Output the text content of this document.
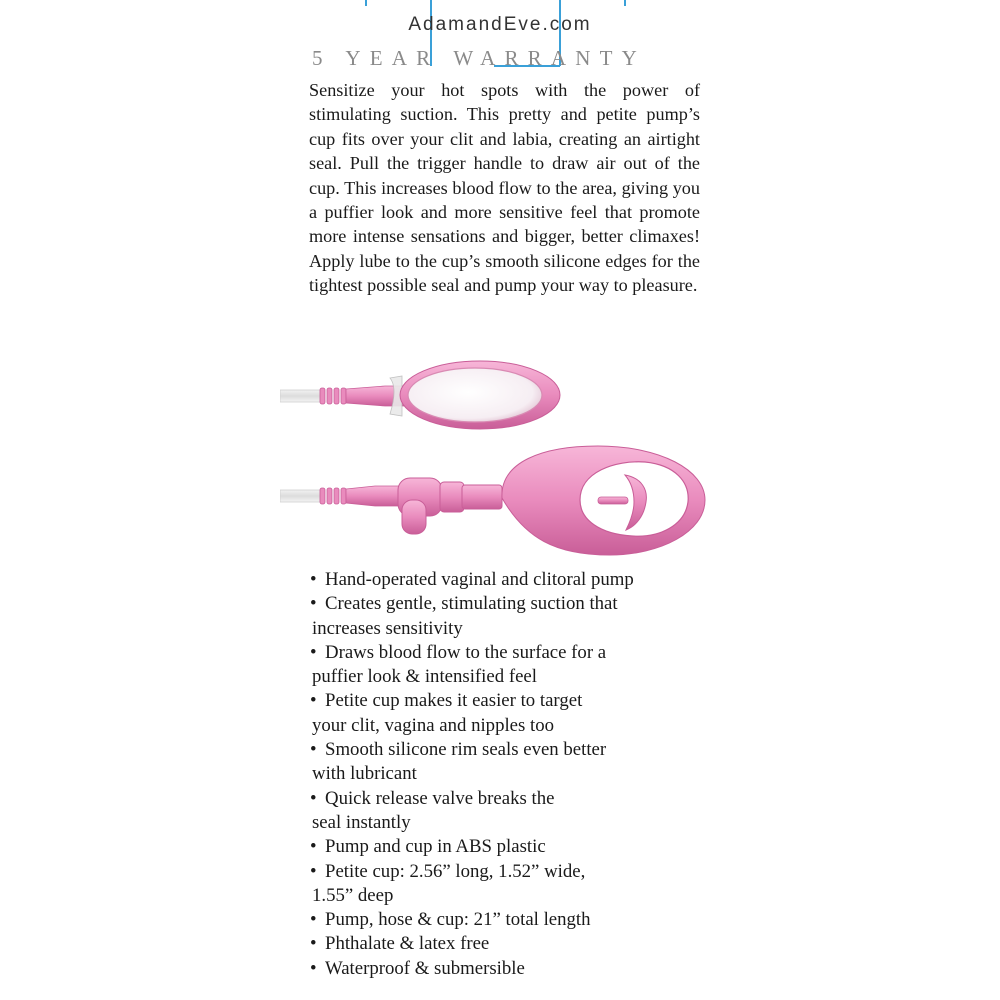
AdamandEve.com
5 YEAR WARRANTY

Sensitize your hot spots with the power of stimulating suction. This pretty and petite pump’s cup fits over your clit and labia, creating an airtight seal. Pull the trigger handle to draw air out of the cup. This increases blood flow to the area, giving you a puffier look and more sensitive feel that promote more intense sensations and bigger, better climaxes! Apply lube to the cup’s smooth silicone edges for the tightest possible seal and pump your way to pleasure.

• Hand-operated vaginal and clitoral pump
• Creates gentle, stimulating suction that
increases sensitivity
• Draws blood flow to the surface for a
puffier look & intensified feel
• Petite cup makes it easier to target
your clit, vagina and nipples too
• Smooth silicone rim seals even better
with lubricant
• Quick release valve breaks the
seal instantly
• Pump and cup in ABS plastic
• Petite cup: 2.56” long, 1.52” wide,
1.55” deep
• Pump, hose & cup: 21” total length
• Phthalate & latex free
• Waterproof & submersible
